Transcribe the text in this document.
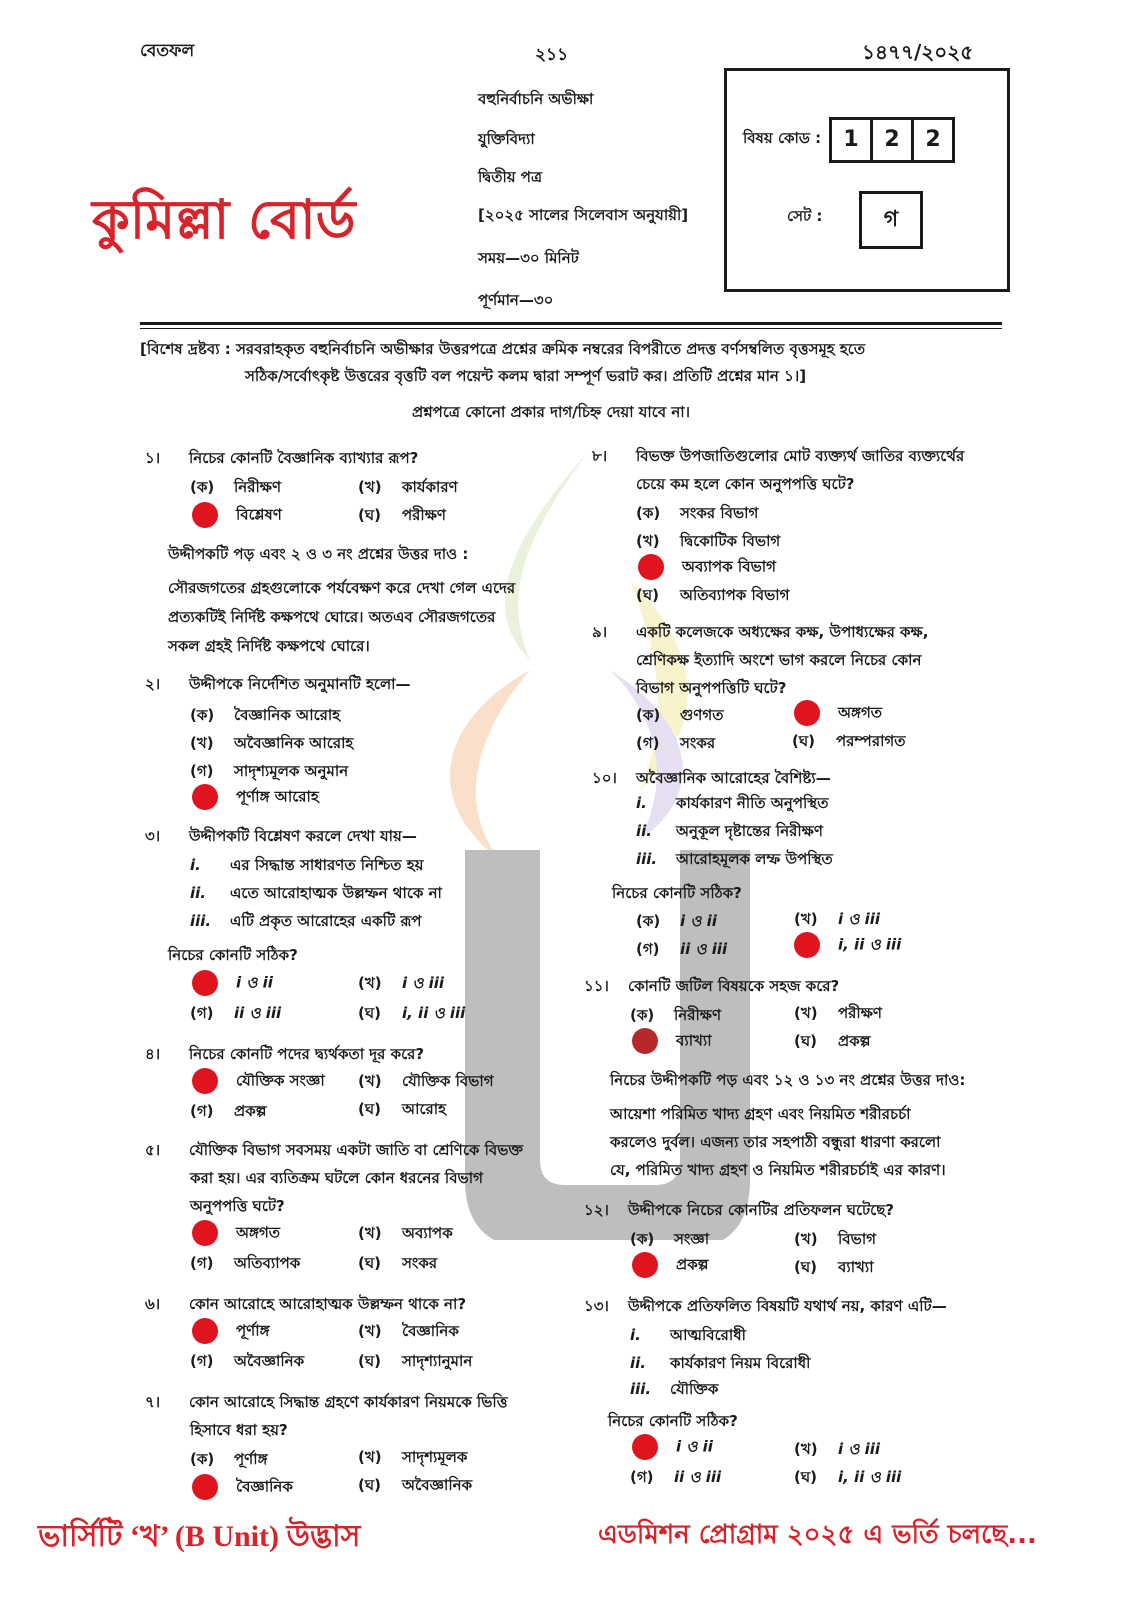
বেতফল	২১১	১৪৭৭/২০২৫
বহুনির্বাচনি অভীক্ষা
যুক্তিবিদ্যা
দ্বিতীয় পত্র
[২০২৫ সালের সিলেবাস অনুযায়ী]
সময়—৩০ মিনিট
পূর্ণমান—৩০
কুমিল্লা বোর্ড
বিষয় কোড :	1 2 2
সেট :	গ
[বিশেষ দ্রষ্টব্য : সরবরাহকৃত বহুনির্বাচনি অভীক্ষার উত্তরপত্রে প্রশ্নের ক্রমিক নম্বরের বিপরীতে প্রদত্ত বর্ণসম্বলিত বৃত্তসমূহ হতে
সঠিক/সর্বোৎকৃষ্ট উত্তরের বৃত্তটি বল পয়েন্ট কলম দ্বারা সম্পূর্ণ ভরাট কর। প্রতিটি প্রশ্নের মান ১।]
প্রশ্নপত্রে কোনো প্রকার দাগ/চিহ্ন দেয়া যাবে না।
১। নিচের কোনটি বৈজ্ঞানিক ব্যাখ্যার রূপ?
(ক) নিরীক্ষণ	(খ) কার্যকারণ
বিশ্লেষণ	(ঘ) পরীক্ষণ
উদ্দীপকটি পড় এবং ২ ও ৩ নং প্রশ্নের উত্তর দাও :
সৌরজগতের গ্রহগুলোকে পর্যবেক্ষণ করে দেখা গেল এদের
প্রত্যকটিই নির্দিষ্ট কক্ষপথে ঘোরে। অতএব সৌরজগতের
সকল গ্রহই নির্দিষ্ট কক্ষপথে ঘোরে।
২। উদ্দীপকে নির্দেশিত অনুমানটি হলো—
(ক) বৈজ্ঞানিক আরোহ
(খ) অবৈজ্ঞানিক আরোহ
(গ) সাদৃশ্যমূলক অনুমান
পূর্ণাঙ্গ আরোহ
৩। উদ্দীপকটি বিশ্লেষণ করলে দেখা যায়—
i. এর সিদ্ধান্ত সাধারণত নিশ্চিত হয়
ii. এতে আরোহাত্মক উল্লম্ফন থাকে না
iii. এটি প্রকৃত আরোহের একটি রূপ
নিচের কোনটি সঠিক?
i ও ii	(খ) i ও iii
(গ) ii ও iii	(ঘ) i, ii ও iii
৪। নিচের কোনটি পদের দ্ব্যর্থকতা দূর করে?
যৌক্তিক সংজ্ঞা (খ) যৌক্তিক বিভাগ
(গ) প্রকল্প	(ঘ) আরোহ
৫। যৌক্তিক বিভাগ সবসময় একটা জাতি বা শ্রেণিকে বিভক্ত
করা হয়। এর ব্যতিক্রম ঘটলে কোন ধরনের বিভাগ
অনুপপত্তি ঘটে?
অঙ্গগত	(খ) অব্যাপক
(গ) অতিব্যাপক	(ঘ) সংকর
৬। কোন আরোহে আরোহাত্মক উল্লম্ফন থাকে না?
পূর্ণাঙ্গ	(খ) বৈজ্ঞানিক
(গ) অবৈজ্ঞানিক	(ঘ) সাদৃশ্যানুমান
৭। কোন আরোহে সিদ্ধান্ত গ্রহণে কার্যকারণ নিয়মকে ভিত্তি
হিসাবে ধরা হয়?
(ক) পূর্ণাঙ্গ	(খ) সাদৃশ্যমূলক
বৈজ্ঞানিক	(ঘ) অবৈজ্ঞানিক
৮। বিভক্ত উপজাতিগুলোর মোট ব্যক্ত্যর্থ জাতির ব্যক্ত্যর্থের
চেয়ে কম হলে কোন অনুপপত্তি ঘটে?
(ক) সংকর বিভাগ
(খ) দ্বিকোটিক বিভাগ
অব্যাপক বিভাগ
(ঘ) অতিব্যাপক বিভাগ
৯। একটি কলেজকে অধ্যক্ষের কক্ষ, উপাধ্যক্ষের কক্ষ,
শ্রেণিকক্ষ ইত্যাদি অংশে ভাগ করলে নিচের কোন
বিভাগ অনুপপত্তিটি ঘটে?
(ক) গুণগত	অঙ্গগত
(গ) সংকর	(ঘ) পরম্পরাগত
১০। অবৈজ্ঞানিক আরোহের বৈশিষ্ট্য—
i. কার্যকারণ নীতি অনুপস্থিত
ii. অনুকূল দৃষ্টান্তের নিরীক্ষণ
iii. আরোহমূলক লম্ফ উপস্থিত
নিচের কোনটি সঠিক?
(ক) i ও ii	(খ) i ও iii
(গ) ii ও iii	i, ii ও iii
১১। কোনটি জটিল বিষয়কে সহজ করে?
(ক) নিরীক্ষণ	(খ) পরীক্ষণ
ব্যাখ্যা	(ঘ) প্রকল্প
নিচের উদ্দীপকটি পড় এবং ১২ ও ১৩ নং প্রশ্নের উত্তর দাও:
আয়েশা পরিমিত খাদ্য গ্রহণ এবং নিয়মিত শরীরচর্চা
করলেও দুর্বল। এজন্য তার সহপাঠী বন্ধুরা ধারণা করলো
যে, পরিমিত খাদ্য গ্রহণ ও নিয়মিত শরীরচর্চাই এর কারণ।
১২। উদ্দীপকে নিচের কোনটির প্রতিফলন ঘটেছে?
(ক) সংজ্ঞা	(খ) বিভাগ
প্রকল্প	(ঘ) ব্যাখ্যা
১৩। উদ্দীপকে প্রতিফলিত বিষয়টি যথার্থ নয়, কারণ এটি—
i. আত্মবিরোধী
ii. কার্যকারণ নিয়ম বিরোধী
iii. যৌক্তিক
নিচের কোনটি সঠিক?
i ও ii	(খ) i ও iii
(গ) ii ও iii	(ঘ) i, ii ও iii
ভার্সিটি ‘খ’ (B Unit) উদ্ভাস	এডমিশন প্রোগ্রাম ২০২৫ এ ভর্তি চলছে...
